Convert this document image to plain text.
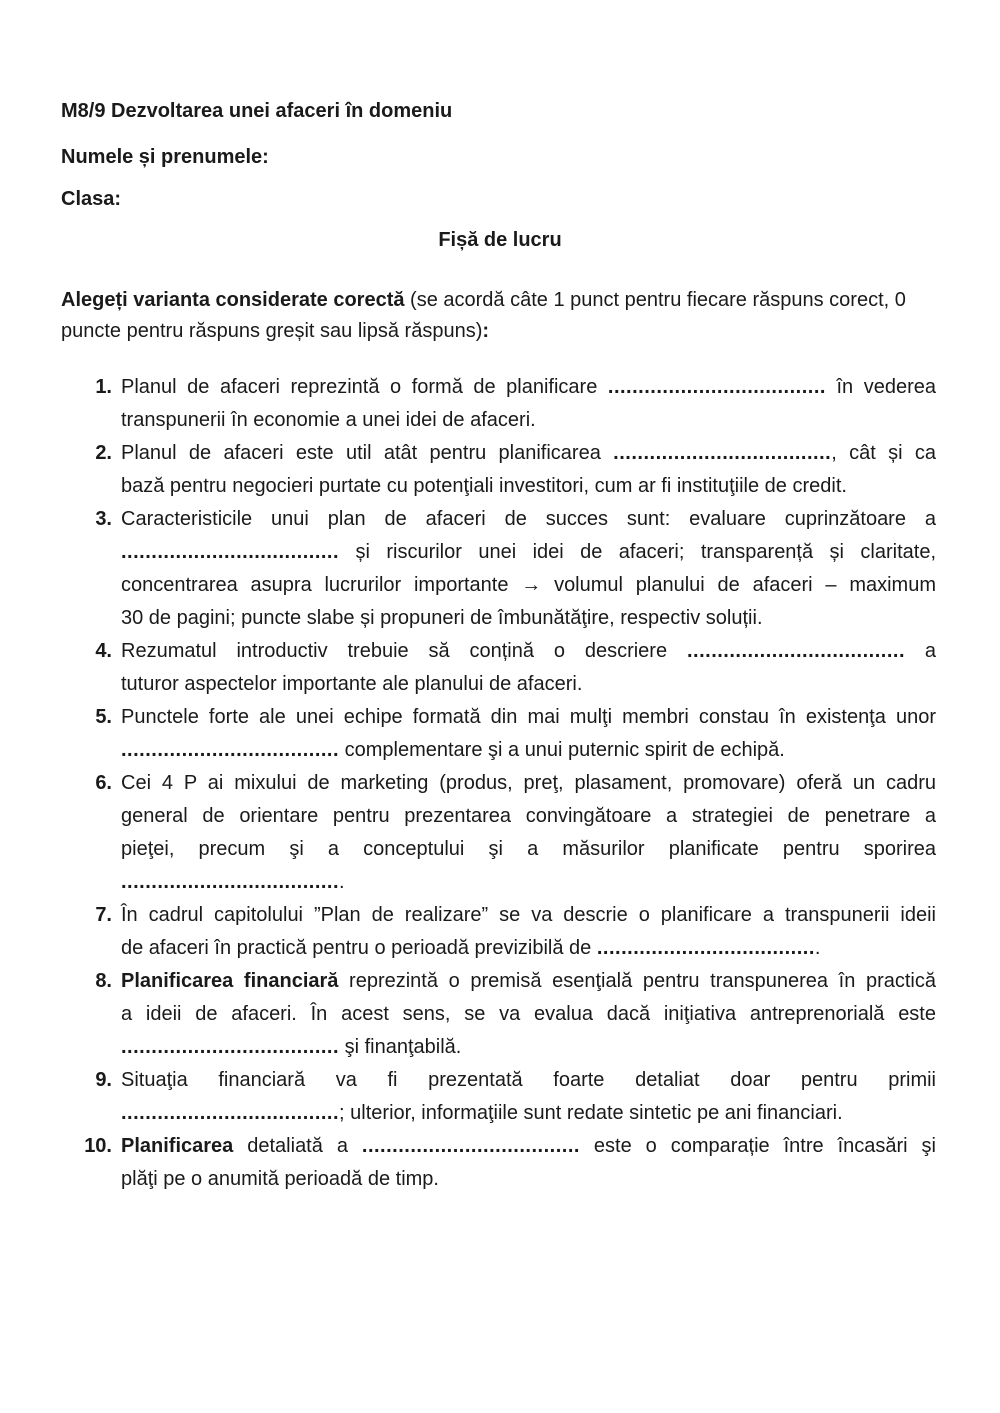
M8/9 Dezvoltarea unei afaceri în domeniu
Numele și prenumele:
Clasa:
Fișă de lucru
Alegeți varianta considerate corectă (se acordă câte 1 punct pentru fiecare răspuns corect, 0 puncte pentru răspuns greșit sau lipsă răspuns):
1. Planul de afaceri reprezintă o formă de planificare .................................... în vederea
transpunerii în economie a unei idei de afaceri.
2. Planul de afaceri este util atât pentru planificarea ...................................., cât și ca
bază pentru negocieri purtate cu potenţiali investitori, cum ar fi instituţiile de credit.
3. Caracteristicile unui plan de afaceri de succes sunt: evaluare cuprinzătoare a
.................................... și riscurilor unei idei de afaceri; transparență și claritate,
concentrarea asupra lucrurilor importante → volumul planului de afaceri – maximum
30 de pagini; puncte slabe și propuneri de îmbunătăţire, respectiv soluții.
4. Rezumatul introductiv trebuie să conțină o descriere .................................... a
tuturor aspectelor importante ale planului de afaceri.
5. Punctele forte ale unei echipe formată din mai mulţi membri constau în existenţa unor
.................................... complementare şi a unui puternic spirit de echipă.
6. Cei 4 P ai mixului de marketing (produs, preţ, plasament, promovare) oferă un cadru
general de orientare pentru prezentarea convingătoare a strategiei de penetrare a
pieţei, precum şi a conceptului şi a măsurilor planificate pentru sporirea
.....................................
7. În cadrul capitolului ”Plan de realizare” se va descrie o planificare a transpunerii ideii
de afaceri în practică pentru o perioadă previzibilă de .....................................
8. Planificarea financiară reprezintă o premisă esenţială pentru transpunerea în practică
a ideii de afaceri. În acest sens, se va evalua dacă iniţiativa antreprenorială este
.................................... şi finanţabilă.
9. Situaţia financiară va fi prezentată foarte detaliat doar pentru primii
....................................; ulterior, informaţiile sunt redate sintetic pe ani financiari.
10. Planificarea detaliată a .................................... este o comparație între încasări şi
plăţi pe o anumită perioadă de timp.
